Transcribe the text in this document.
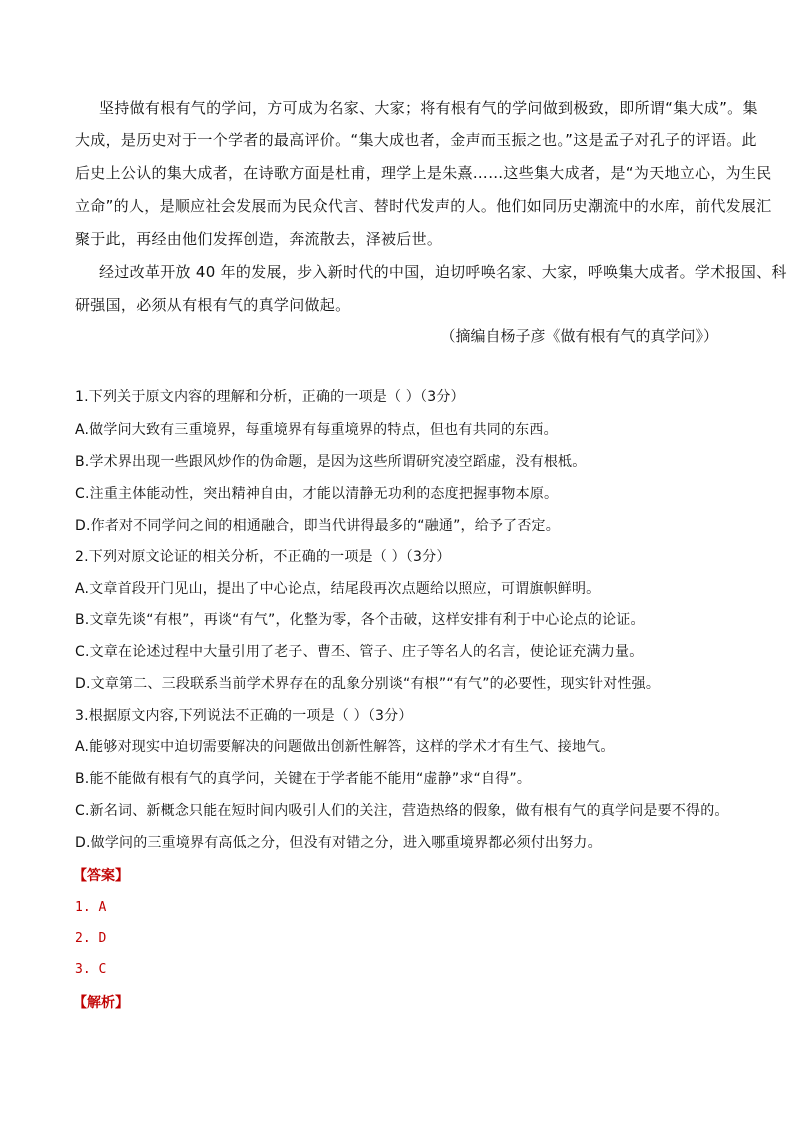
坚持做有根有气的学问，方可成为名家、大家；将有根有气的学问做到极致，即所谓“集大成”。集
大成，是历史对于一个学者的最高评价。“集大成也者，金声而玉振之也。”这是孟子对孔子的评语。此
后史上公认的集大成者，在诗歌方面是杜甫，理学上是朱熹……这些集大成者，是“为天地立心，为生民
立命”的人，是顺应社会发展而为民众代言、替时代发声的人。他们如同历史潮流中的水库，前代发展汇
聚于此，再经由他们发挥创造，奔流散去，泽被后世。
经过改革开放 40 年的发展，步入新时代的中国，迫切呼唤名家、大家，呼唤集大成者。学术报国、科
研强国，必须从有根有气的真学问做起。
（摘编自杨子彦《做有根有气的真学问》）
1.下列关于原文内容的理解和分析，正确的一项是（ ）（3分）
A.做学问大致有三重境界，每重境界有每重境界的特点，但也有共同的东西。
B.学术界出现一些跟风炒作的伪命题，是因为这些所谓研究凌空蹈虚，没有根柢。
C.注重主体能动性，突出精神自由，才能以清静无功利的态度把握事物本原。
D.作者对不同学问之间的相通融合，即当代讲得最多的“融通”，给予了否定。
2.下列对原文论证的相关分析，不正确的一项是（ ）（3分）
A.文章首段开门见山，提出了中心论点，结尾段再次点题给以照应，可谓旗帜鲜明。
B.文章先谈“有根”，再谈“有气”，化整为零，各个击破，这样安排有利于中心论点的论证。
C.文章在论述过程中大量引用了老子、曹丕、管子、庄子等名人的名言，使论证充满力量。
D.文章第二、三段联系当前学术界存在的乱象分别谈“有根”“有气”的必要性，现实针对性强。
3.根据原文内容,下列说法不正确的一项是（ ）（3分）
A.能够对现实中迫切需要解决的问题做出创新性解答，这样的学术才有生气、接地气。
B.能不能做有根有气的真学问，关键在于学者能不能用“虚静”求“自得”。
C.新名词、新概念只能在短时间内吸引人们的关注，营造热络的假象，做有根有气的真学问是要不得的。
D.做学问的三重境界有高低之分，但没有对错之分，进入哪重境界都必须付出努力。
【答案】
1. A
2. D
3. C
【解析】
